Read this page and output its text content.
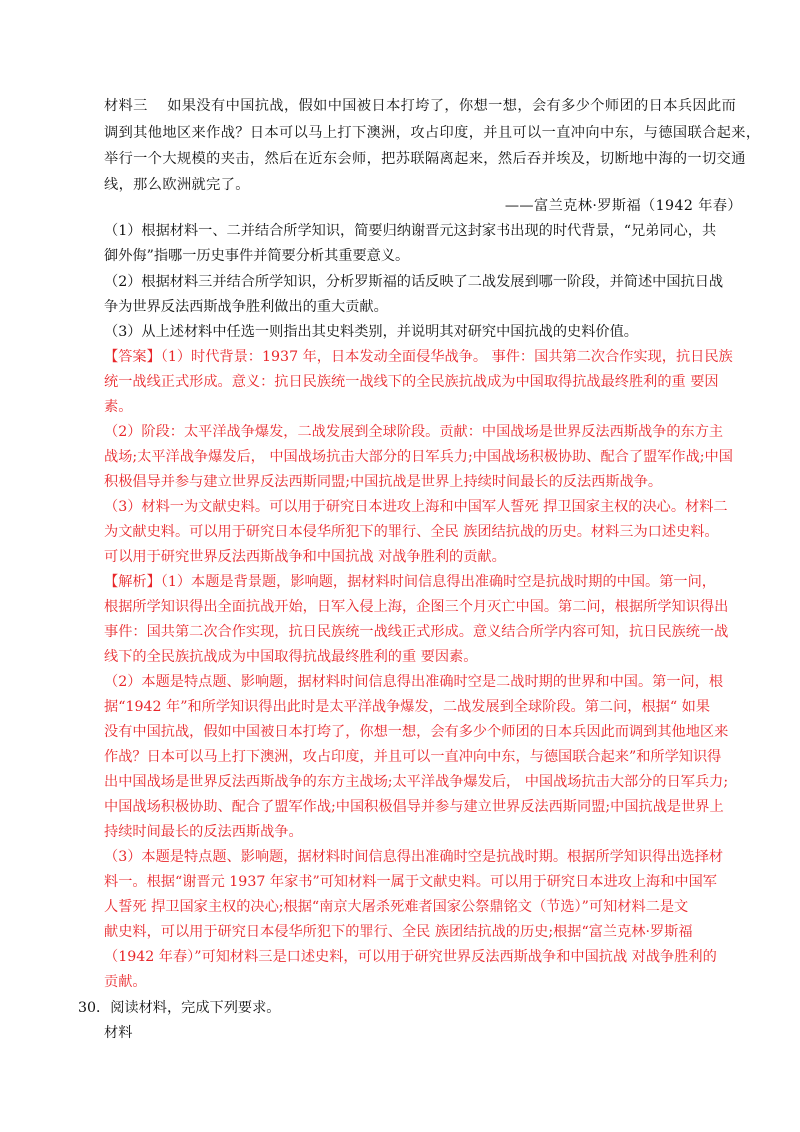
材料三　 如果没有中国抗战，假如中国被日本打垮了，你想一想，会有多少个师团的日本兵因此而
调到其他地区来作战？日本可以马上打下澳洲，攻占印度，并且可以一直冲向中东，与德国联合起来，
举行一个大规模的夹击，然后在近东会师，把苏联隔离起来，然后吞并埃及，切断地中海的一切交通
线，那么欧洲就完了。
——富兰克林·罗斯福（1942 年春）
（1）根据材料一、二并结合所学知识，简要归纳谢晋元这封家书出现的时代背景，“兄弟同心，共
御外侮”指哪一历史事件并简要分析其重要意义。
（2）根据材料三并结合所学知识，分析罗斯福的话反映了二战发展到哪一阶段，并简述中国抗日战
争为世界反法西斯战争胜利做出的重大贡献。
（3）从上述材料中任选一则指出其史料类别，并说明其对研究中国抗战的史料价值。
【答案】（1）时代背景：1937 年，日本发动全面侵华战争。 事件：国共第二次合作实现，抗日民族
统一战线正式形成。意义：抗日民族统一战线下的全民族抗战成为中国取得抗战最终胜利的重 要因
素。
（2）阶段：太平洋战争爆发，二战发展到全球阶段。贡献：中国战场是世界反法西斯战争的东方主
战场;太平洋战争爆发后， 中国战场抗击大部分的日军兵力;中国战场积极协助、配合了盟军作战;中国
积极倡导并参与建立世界反法西斯同盟;中国抗战是世界上持续时间最长的反法西斯战争。
（3）材料一为文献史料。可以用于研究日本进攻上海和中国军人誓死 捍卫国家主权的决心。材料二
为文献史料。可以用于研究日本侵华所犯下的罪行、全民 族团结抗战的历史。材料三为口述史料。
可以用于研究世界反法西斯战争和中国抗战 对战争胜利的贡献。
【解析】（1）本题是背景题，影响题，据材料时间信息得出准确时空是抗战时期的中国。第一问，
根据所学知识得出全面抗战开始，日军入侵上海，企图三个月灭亡中国。第二问，根据所学知识得出
事件：国共第二次合作实现，抗日民族统一战线正式形成。意义结合所学内容可知，抗日民族统一战
线下的全民族抗战成为中国取得抗战最终胜利的重 要因素。
（2）本题是特点题、影响题，据材料时间信息得出准确时空是二战时期的世界和中国。第一问，根
据“1942 年”和所学知识得出此时是太平洋战争爆发，二战发展到全球阶段。第二问，根据“ 如果
没有中国抗战，假如中国被日本打垮了，你想一想，会有多少个师团的日本兵因此而调到其他地区来
作战？日本可以马上打下澳洲，攻占印度，并且可以一直冲向中东，与德国联合起来”和所学知识得
出中国战场是世界反法西斯战争的东方主战场;太平洋战争爆发后， 中国战场抗击大部分的日军兵力;
中国战场积极协助、配合了盟军作战;中国积极倡导并参与建立世界反法西斯同盟;中国抗战是世界上
持续时间最长的反法西斯战争。
（3）本题是特点题、影响题，据材料时间信息得出准确时空是抗战时期。根据所学知识得出选择材
料一。根据“谢晋元 1937 年家书”可知材料一属于文献史料。可以用于研究日本进攻上海和中国军
人誓死 捍卫国家主权的决心;根据“南京大屠杀死难者国家公祭鼎铭文（节选）”可知材料二是文
献史料，可以用于研究日本侵华所犯下的罪行、全民 族团结抗战的历史;根据“富兰克林·罗斯福
（1942 年春）”可知材料三是口述史料，可以用于研究世界反法西斯战争和中国抗战 对战争胜利的
贡献。
30．阅读材料，完成下列要求。
材料
